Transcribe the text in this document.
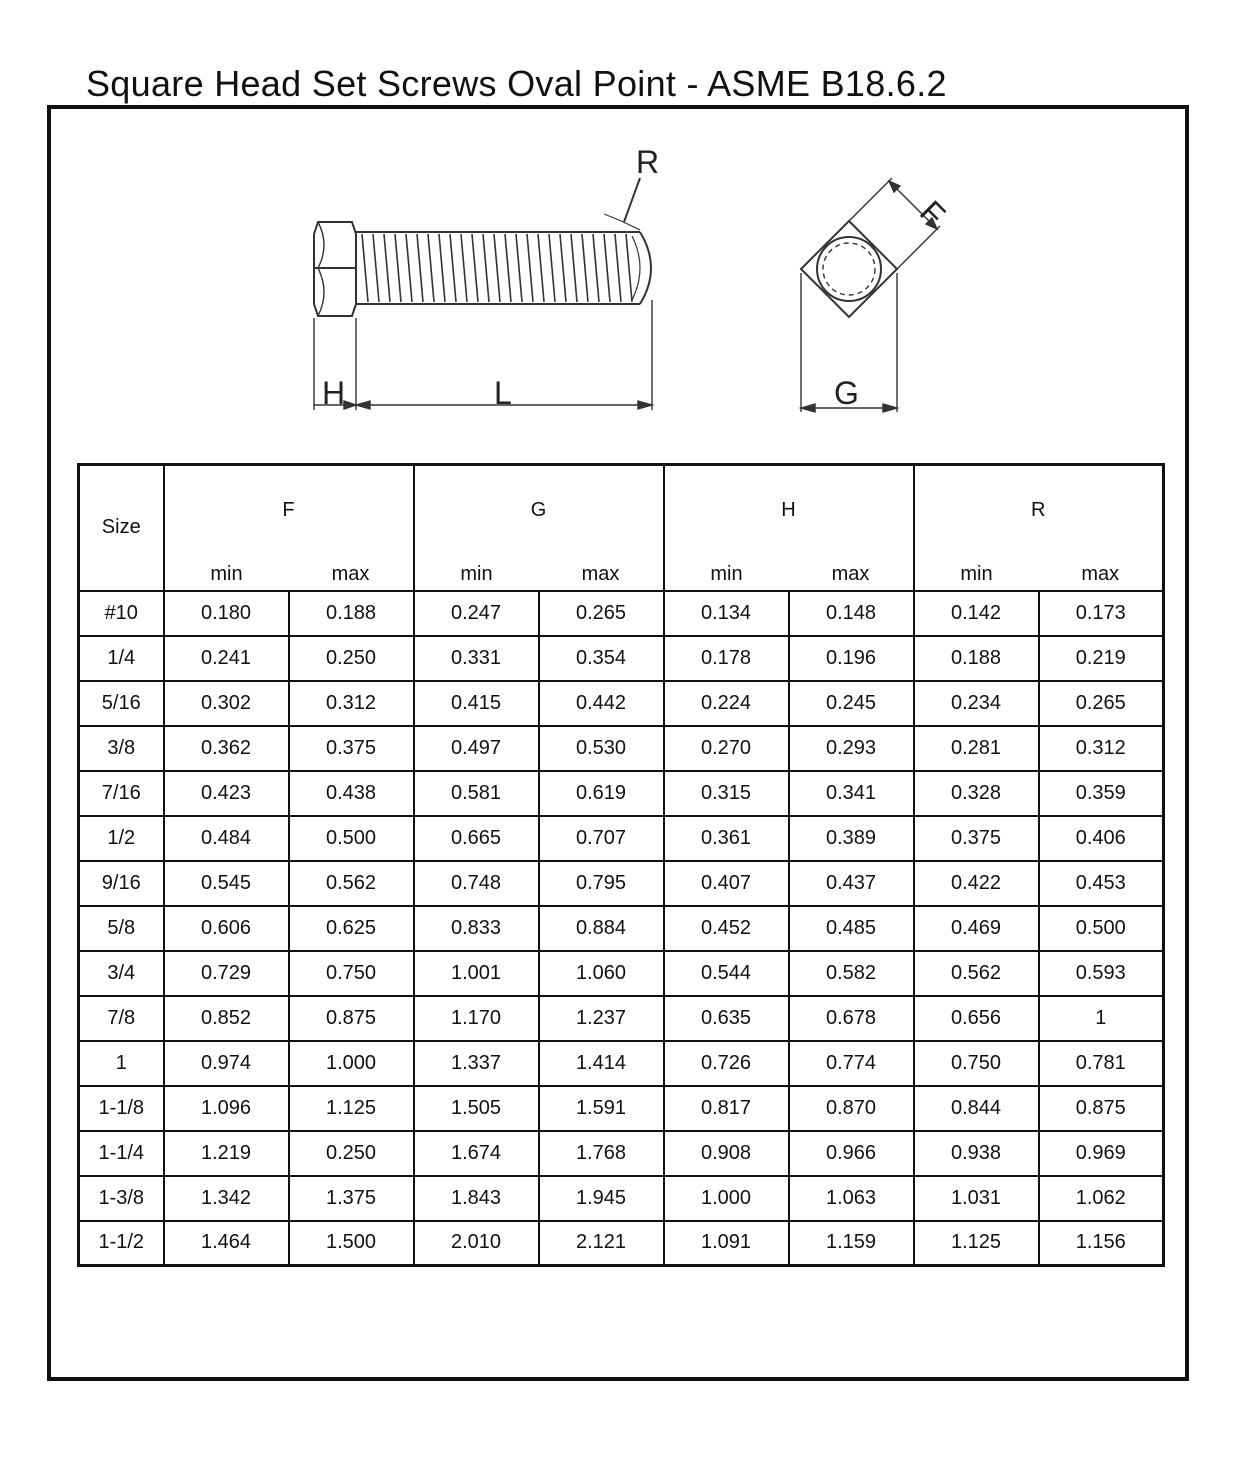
Square Head Set Screws Oval Point - ASME B18.6.2
R
F
H	L	G
Size	F		G		H		R	
	min	max	min	max	min	max	min	max
#10	0.180	0.188	0.247	0.265	0.134	0.148	0.142	0.173
1/4	0.241	0.250	0.331	0.354	0.178	0.196	0.188	0.219
5/16	0.302	0.312	0.415	0.442	0.224	0.245	0.234	0.265
3/8	0.362	0.375	0.497	0.530	0.270	0.293	0.281	0.312
7/16	0.423	0.438	0.581	0.619	0.315	0.341	0.328	0.359
1/2	0.484	0.500	0.665	0.707	0.361	0.389	0.375	0.406
9/16	0.545	0.562	0.748	0.795	0.407	0.437	0.422	0.453
5/8	0.606	0.625	0.833	0.884	0.452	0.485	0.469	0.500
3/4	0.729	0.750	1.001	1.060	0.544	0.582	0.562	0.593
7/8	0.852	0.875	1.170	1.237	0.635	0.678	0.656	1
1	0.974	1.000	1.337	1.414	0.726	0.774	0.750	0.781
1-1/8	1.096	1.125	1.505	1.591	0.817	0.870	0.844	0.875
1-1/4	1.219	0.250	1.674	1.768	0.908	0.966	0.938	0.969
1-3/8	1.342	1.375	1.843	1.945	1.000	1.063	1.031	1.062
1-1/2	1.464	1.500	2.010	2.121	1.091	1.159	1.125	1.156
